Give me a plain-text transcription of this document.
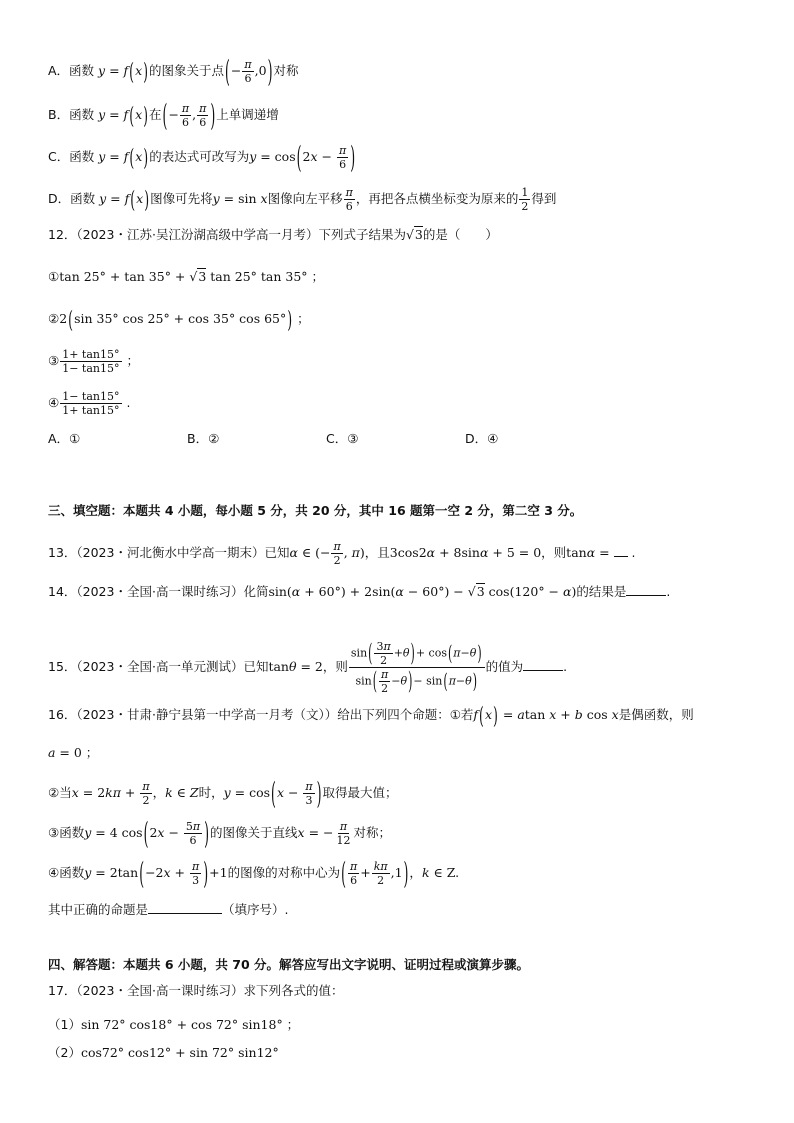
A．函数 y = f(x)的图象关于点(− $\frac{\pi}{6} ,0$)对称
B．函数 y = f(x)在(− $\frac{\pi}{6}$ , $\frac{\pi}{6}$ )上单调递增
C．函数 y = f(x)的表达式可改写为$y = \cos(2x - \frac{\pi}{6}$ )
D．函数 y = f(x)图像可先将y = sin x图像向左平移 $\frac{\pi}{6}$ ，再把各点横坐标变为原来的 $\frac{1}{2}$ 得到
12．（2023・江苏·吴江汾湖高级中学高一月考）下列式子结果为√3的是（　　）
①tan 25° + tan 35° + √3 tan 25° tan 35° ；
②2(sin 35° cos 25° + cos 35° cos 65°) ；
③ $\frac{1+ \tan 15^\circ}{1- \tan 15^\circ}$ ；
④ $\frac{1- \tan 15^\circ}{1+ \tan 15^\circ}$ .
A．①	B．②	C．③	D．④
三、填空题：本题共 4 小题，每小题 5 分，共 20 分，其中 16 题第一空 2 分，第二空 3 分。
13．（2023・河北衡水中学高一期末）已知α ∈ (− $\frac{\pi}{2}$ , π)，且3cos2α + 8sinα + 5 = 0，则tanα =  .
14．（2023・全国·高一课时练习）化简sin(α + 60°) + 2sin(α − 60°) − √3 cos(120° − α)的结果是	.
15．（2023・全国·高一单元测试）已知tanθ = 2，则 $\frac{\sin( \frac{3\pi}{2} +\theta)+ \cos(\pi-\theta)}{\sin( \frac{\pi}{2} -\theta)- \sin(\pi-\theta)}$ 的值为	.
16．（2023・甘肃·静宁县第一中学高一月考（文））给出下列四个命题：①若f(x) = atan x + b cos x是偶函数，则
a = 0 ；
②当$x = 2k\pi + \frac{\pi}{2}$ ，k ∈ Z时，$y = \cos(x - \frac{\pi}{3}$ )取得最大值；
③函数y = 4 $\cos(2x - \frac{5\pi}{6}$ )的图像关于直线x = − $\frac{\pi}{12}$ 对称；
④函数$y = 2\tan(-2x + \frac{\pi}{3} )+1$的图像的对称中心为( $\frac{\pi}{6} + \frac{k\pi}{2} ,1$)，k ∈ Z.
其中正确的命题是	（填序号）.
四、解答题：本题共 6 小题，共 70 分。解答应写出文字说明、证明过程或演算步骤。
17．（2023・全国·高一课时练习）求下列各式的值：
（1）sin 72° cos18° + cos 72° sin18° ；
（2）cos72° cos12° + sin 72° sin12°
